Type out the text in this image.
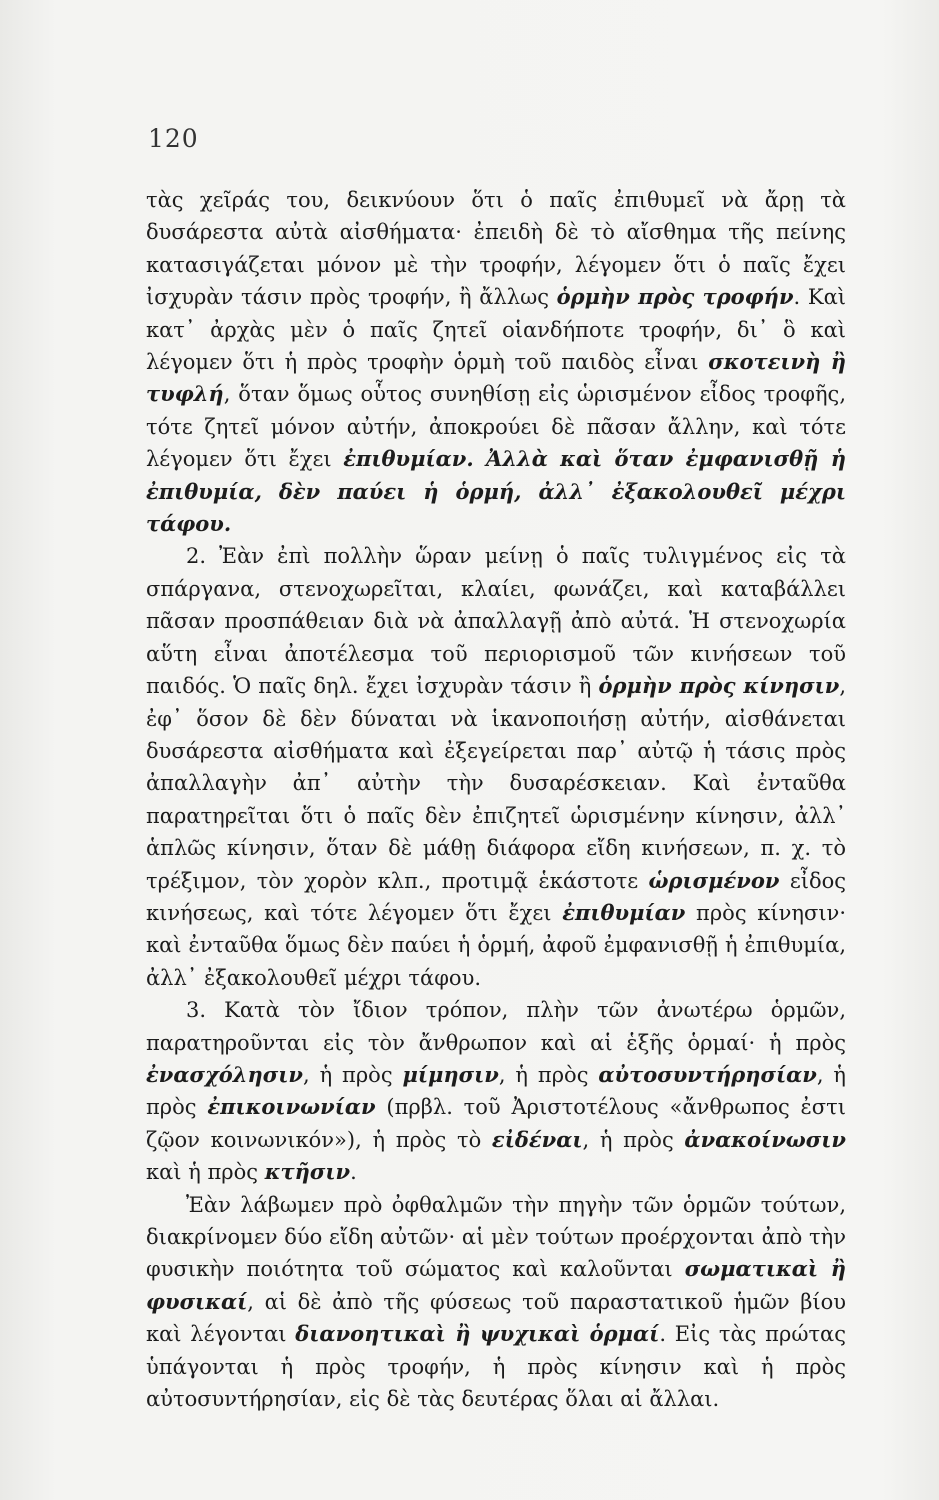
120

τὰς χεῖράς του, δεικνύουν ὅτι ὁ παῖς ἐπιθυμεῖ νὰ ἄρῃ τὰ δυσάρεστα αὐτὰ αἰσθήματα· ἐπειδὴ δὲ τὸ αἴσθημα τῆς πείνης κατασιγάζεται μόνον μὲ τὴν τροφήν, λέγομεν ὅτι ὁ παῖς ἔχει ἰσχυρὰν τάσιν πρὸς τροφήν, ἢ ἄλλως ὁρμὴν πρὸς τροφήν. Καὶ κατ᾿ ἀρχὰς μὲν ὁ παῖς ζητεῖ οἱανδήποτε τροφήν, δι᾿ ὃ καὶ λέγομεν ὅτι ἡ πρὸς τροφὴν ὁρμὴ τοῦ παιδὸς εἶναι σκοτεινὴ ἢ τυφλή, ὅταν ὅμως οὗτος συνηθίσῃ εἰς ὡρισμένον εἶδος τροφῆς, τότε ζητεῖ μόνον αὐτήν, ἀποκρούει δὲ πᾶσαν ἄλλην, καὶ τότε λέγομεν ὅτι ἔχει ἐπιθυμίαν. Ἀλλὰ καὶ ὅταν ἐμφανισθῇ ἡ ἐπιθυμία, δὲν παύει ἡ ὁρμή, ἀλλ᾿ ἐξακολουθεῖ μέχρι τάφου.

2. Ἐὰν ἐπὶ πολλὴν ὥραν μείνῃ ὁ παῖς τυλιγμένος εἰς τὰ σπάργανα, στενοχωρεῖται, κλαίει, φωνάζει, καὶ καταβάλλει πᾶσαν προσπάθειαν διὰ νὰ ἀπαλλαγῇ ἀπὸ αὐτά. Ἡ στενοχωρία αὕτη εἶναι ἀποτέλεσμα τοῦ περιορισμοῦ τῶν κινήσεων τοῦ παιδός. Ὁ παῖς δηλ. ἔχει ἰσχυρὰν τάσιν ἢ ὁρμὴν πρὸς κίνησιν, ἐφ᾿ ὅσον δὲ δὲν δύναται νὰ ἱκανοποιήσῃ αὐτήν, αἰσθάνεται δυσάρεστα αἰσθήματα καὶ ἐξεγείρεται παρ᾿ αὐτῷ ἡ τάσις πρὸς ἀπαλλαγὴν ἀπ᾿ αὐτὴν τὴν δυσαρέσκειαν. Καὶ ἐνταῦθα παρατηρεῖται ὅτι ὁ παῖς δὲν ἐπιζητεῖ ὡρισμένην κίνησιν, ἀλλ᾿ ἁπλῶς κίνησιν, ὅταν δὲ μάθῃ διάφορα εἴδη κινήσεων, π. χ. τὸ τρέξιμον, τὸν χορὸν κλπ., προτιμᾷ ἑκάστοτε ὡρισμένον εἶδος κινήσεως, καὶ τότε λέγομεν ὅτι ἔχει ἐπιθυμίαν πρὸς κίνησιν· καὶ ἐνταῦθα ὅμως δὲν παύει ἡ ὁρμή, ἀφοῦ ἐμφανισθῇ ἡ ἐπιθυμία, ἀλλ᾿ ἐξακολουθεῖ μέχρι τάφου.

3. Κατὰ τὸν ἴδιον τρόπον, πλὴν τῶν ἀνωτέρω ὁρμῶν, παρατηροῦνται εἰς τὸν ἄνθρωπον καὶ αἱ ἑξῆς ὁρμαί· ἡ πρὸς ἐνασχόλησιν, ἡ πρὸς μίμησιν, ἡ πρὸς αὐτοσυντήρησίαν, ἡ πρὸς ἐπικοινωνίαν (πρβλ. τοῦ Ἀριστοτέλους «ἄνθρωπος ἐστι ζῷον κοινωνικόν»), ἡ πρὸς τὸ εἰδέναι, ἡ πρὸς ἀνακοίνωσιν καὶ ἡ πρὸς κτῆσιν.

Ἐὰν λάβωμεν πρὸ ὀφθαλμῶν τὴν πηγὴν τῶν ὁρμῶν τούτων, διακρίνομεν δύο εἴδη αὐτῶν· αἱ μὲν τούτων προέρχονται ἀπὸ τὴν φυσικὴν ποιότητα τοῦ σώματος καὶ καλοῦνται σωματικαὶ ἢ φυσικαί, αἱ δὲ ἀπὸ τῆς φύσεως τοῦ παραστατικοῦ ἡμῶν βίου καὶ λέγονται διανοητικαὶ ἢ ψυχικαὶ ὁρμαί. Εἰς τὰς πρώτας ὑπάγονται ἡ πρὸς τροφήν, ἡ πρὸς κίνησιν καὶ ἡ πρὸς αὐτοσυντήρησίαν, εἰς δὲ τὰς δευτέρας ὅλαι αἱ ἄλλαι.
